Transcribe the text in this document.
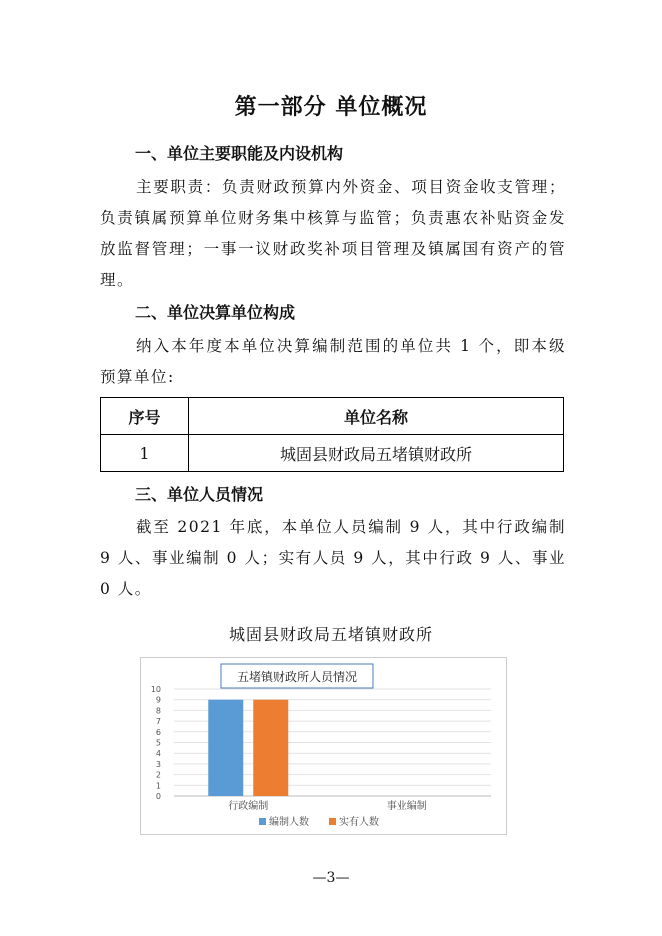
第一部分 单位概况
一、单位主要职能及内设机构
主要职责：负责财政预算内外资金、项目资金收支管理；负责镇属预算单位财务集中核算与监管；负责惠农补贴资金发放监督管理；一事一议财政奖补项目管理及镇属国有资产的管理。
二、单位决算单位构成
纳入本年度本单位决算编制范围的单位共 1 个，即本级预算单位:
序号	单位名称
1	城固县财政局五堵镇财政所
三、单位人员情况
截至 2021 年底，本单位人员编制 9 人，其中行政编制 9 人、事业编制 0 人；实有人员 9 人，其中行政 9 人、事业 0 人。
城固县财政局五堵镇财政所
0
1
2
3
4
5
6
7
8
9
10
行政编制	事业编制
五堵镇财政所人员情况
编制人数	实有人数
—3—
